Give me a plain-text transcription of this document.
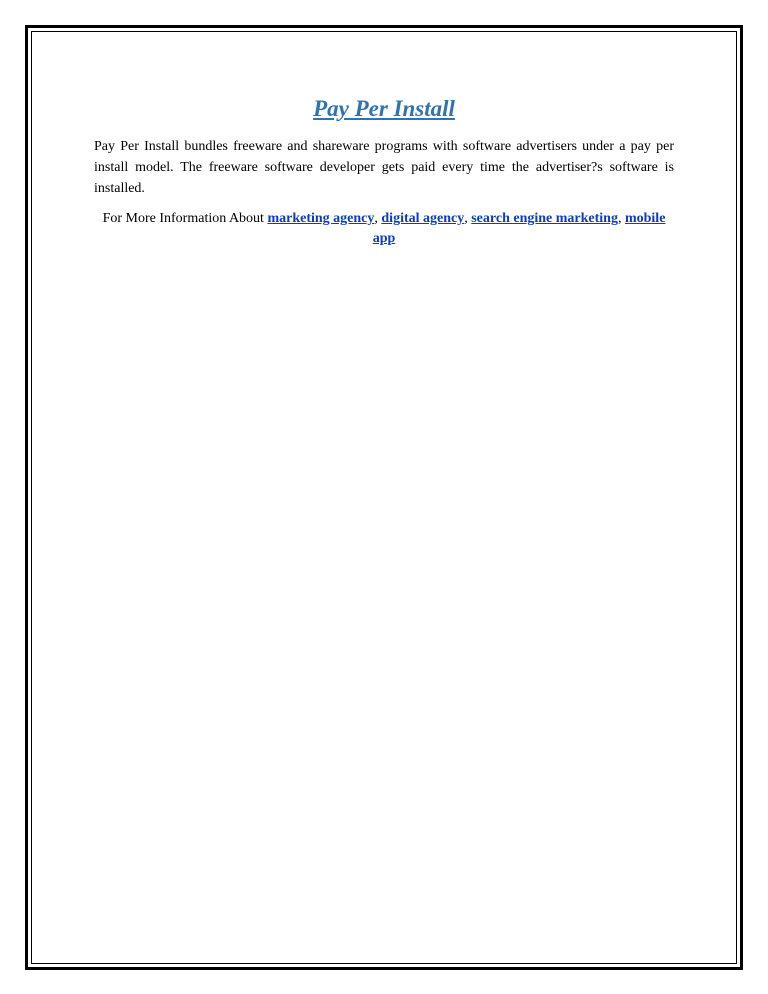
Pay Per Install

Pay Per Install bundles freeware and shareware programs with software advertisers under a pay per install model. The freeware software developer gets paid every time the advertiser?s software is installed.

For More Information About marketing agency, digital agency, search engine marketing, mobile app
